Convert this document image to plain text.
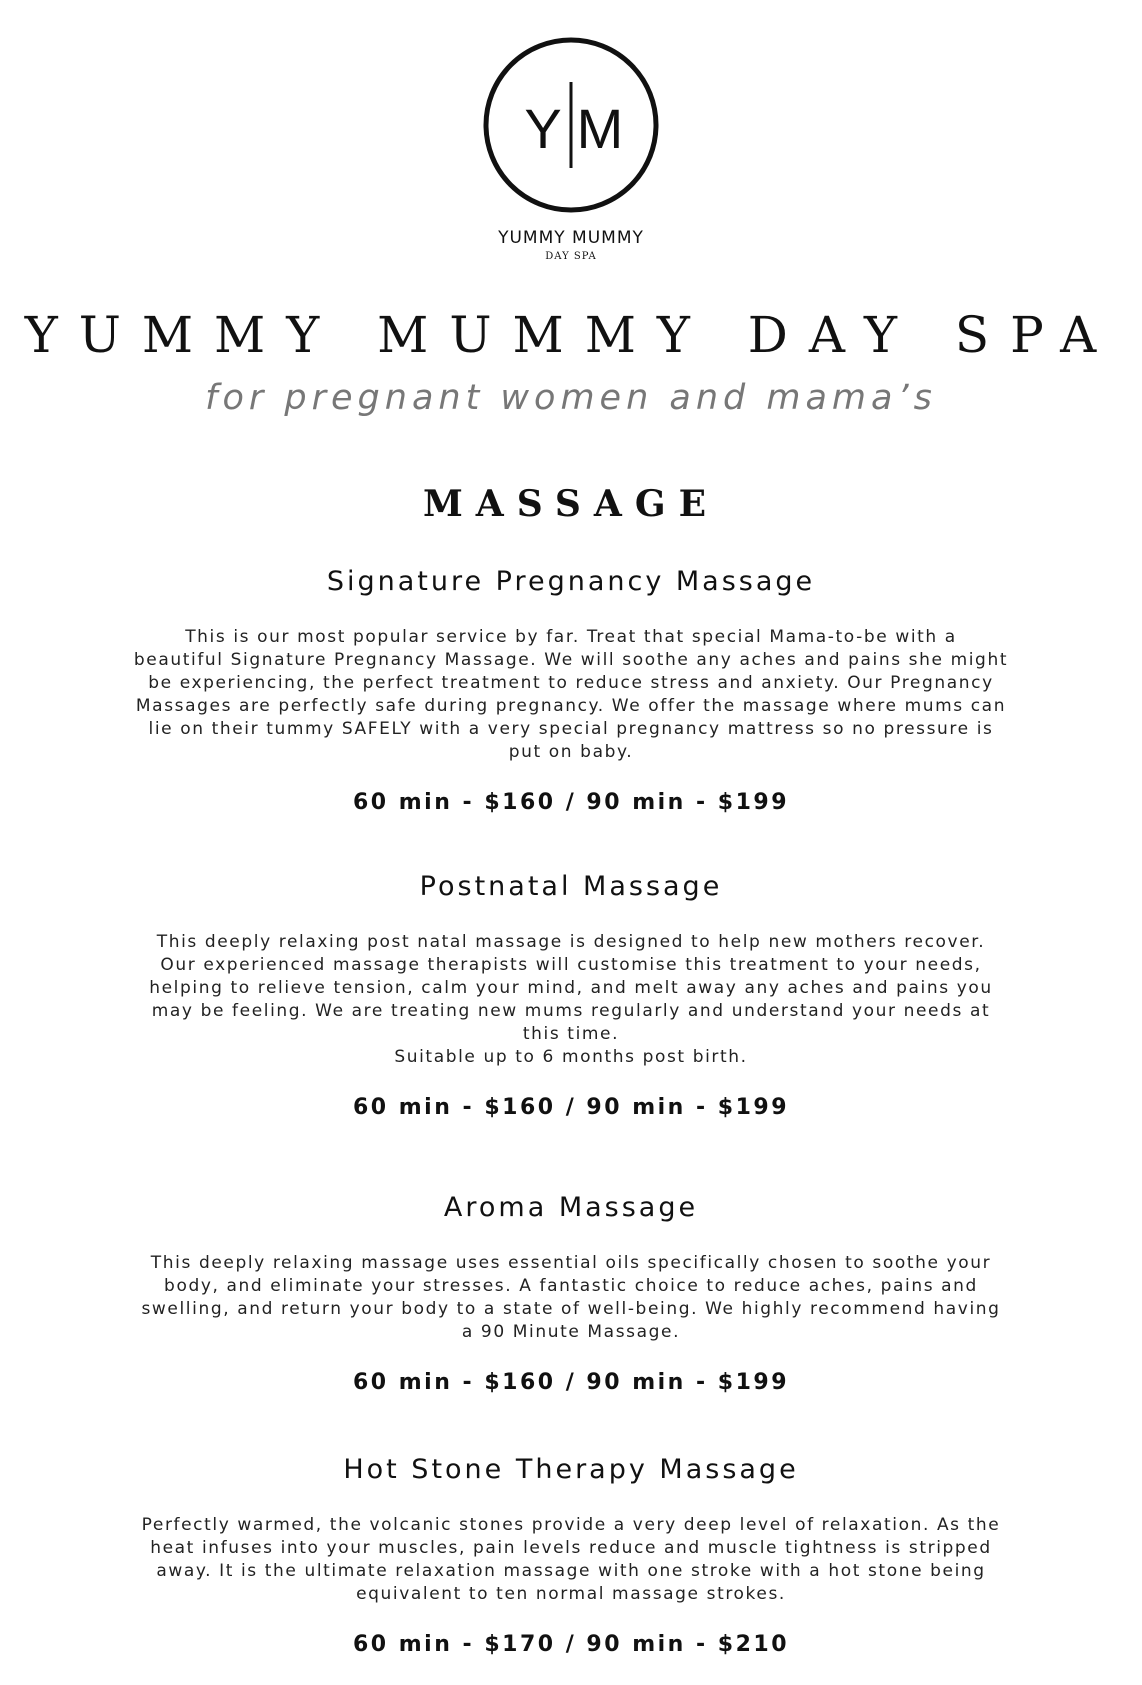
Y M
YUMMY MUMMY
DAY SPA
YUMMY MUMMY DAY SPA
for pregnant women and mama’s
MASSAGE
Signature Pregnancy Massage
This is our most popular service by far. Treat that special Mama-to-be with a
beautiful Signature Pregnancy Massage. We will soothe any aches and pains she might
be experiencing, the perfect treatment to reduce stress and anxiety. Our Pregnancy
Massages are perfectly safe during pregnancy. We offer the massage where mums can
lie on their tummy SAFELY with a very special pregnancy mattress so no pressure is
put on baby.
60 min - $160 / 90 min - $199
Postnatal Massage
This deeply relaxing post natal massage is designed to help new mothers recover.
Our experienced massage therapists will customise this treatment to your needs,
helping to relieve tension, calm your mind, and melt away any aches and pains you
may be feeling. We are treating new mums regularly and understand your needs at
this time.
Suitable up to 6 months post birth.
60 min - $160 / 90 min - $199
Aroma Massage
This deeply relaxing massage uses essential oils specifically chosen to soothe your
body, and eliminate your stresses. A fantastic choice to reduce aches, pains and
swelling, and return your body to a state of well-being. We highly recommend having
a 90 Minute Massage.
60 min - $160 / 90 min - $199
Hot Stone Therapy Massage
Perfectly warmed, the volcanic stones provide a very deep level of relaxation. As the
heat infuses into your muscles, pain levels reduce and muscle tightness is stripped
away. It is the ultimate relaxation massage with one stroke with a hot stone being
equivalent to ten normal massage strokes.
60 min - $170 / 90 min - $210
